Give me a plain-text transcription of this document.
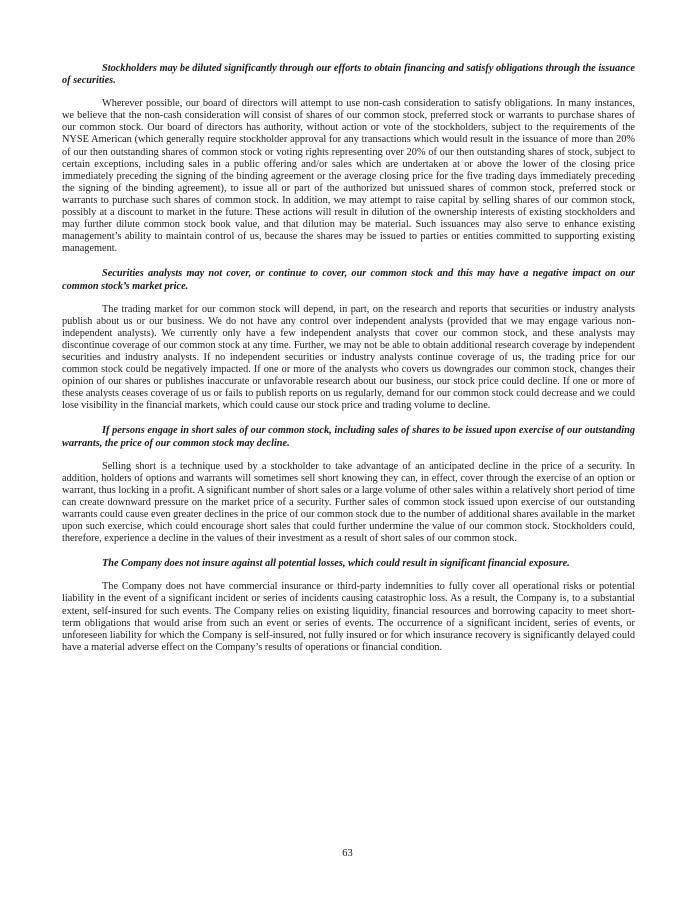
Stockholders may be diluted significantly through our efforts to obtain financing and satisfy obligations through the issuance of securities.

Wherever possible, our board of directors will attempt to use non-cash consideration to satisfy obligations. In many instances, we believe that the non-cash consideration will consist of shares of our common stock, preferred stock or warrants to purchase shares of our common stock. Our board of directors has authority, without action or vote of the stockholders, subject to the requirements of the NYSE American (which generally require stockholder approval for any transactions which would result in the issuance of more than 20% of our then outstanding shares of common stock or voting rights representing over 20% of our then outstanding shares of stock, subject to certain exceptions, including sales in a public offering and/or sales which are undertaken at or above the lower of the closing price immediately preceding the signing of the binding agreement or the average closing price for the five trading days immediately preceding the signing of the binding agreement), to issue all or part of the authorized but unissued shares of common stock, preferred stock or warrants to purchase such shares of common stock. In addition, we may attempt to raise capital by selling shares of our common stock, possibly at a discount to market in the future. These actions will result in dilution of the ownership interests of existing stockholders and may further dilute common stock book value, and that dilution may be material. Such issuances may also serve to enhance existing management’s ability to maintain control of us, because the shares may be issued to parties or entities committed to supporting existing management.

Securities analysts may not cover, or continue to cover, our common stock and this may have a negative impact on our common stock’s market price.

The trading market for our common stock will depend, in part, on the research and reports that securities or industry analysts publish about us or our business. We do not have any control over independent analysts (provided that we may engage various non-independent analysts). We currently only have a few independent analysts that cover our common stock, and these analysts may discontinue coverage of our common stock at any time. Further, we may not be able to obtain additional research coverage by independent securities and industry analysts. If no independent securities or industry analysts continue coverage of us, the trading price for our common stock could be negatively impacted. If one or more of the analysts who covers us downgrades our common stock, changes their opinion of our shares or publishes inaccurate or unfavorable research about our business, our stock price could decline. If one or more of these analysts ceases coverage of us or fails to publish reports on us regularly, demand for our common stock could decrease and we could lose visibility in the financial markets, which could cause our stock price and trading volume to decline.

If persons engage in short sales of our common stock, including sales of shares to be issued upon exercise of our outstanding warrants, the price of our common stock may decline.

Selling short is a technique used by a stockholder to take advantage of an anticipated decline in the price of a security. In addition, holders of options and warrants will sometimes sell short knowing they can, in effect, cover through the exercise of an option or warrant, thus locking in a profit. A significant number of short sales or a large volume of other sales within a relatively short period of time can create downward pressure on the market price of a security. Further sales of common stock issued upon exercise of our outstanding warrants could cause even greater declines in the price of our common stock due to the number of additional shares available in the market upon such exercise, which could encourage short sales that could further undermine the value of our common stock. Stockholders could, therefore, experience a decline in the values of their investment as a result of short sales of our common stock.

The Company does not insure against all potential losses, which could result in significant financial exposure.

The Company does not have commercial insurance or third-party indemnities to fully cover all operational risks or potential liability in the event of a significant incident or series of incidents causing catastrophic loss. As a result, the Company is, to a substantial extent, self-insured for such events. The Company relies on existing liquidity, financial resources and borrowing capacity to meet short-term obligations that would arise from such an event or series of events. The occurrence of a significant incident, series of events, or unforeseen liability for which the Company is self-insured, not fully insured or for which insurance recovery is significantly delayed could have a material adverse effect on the Company’s results of operations or financial condition.

63
